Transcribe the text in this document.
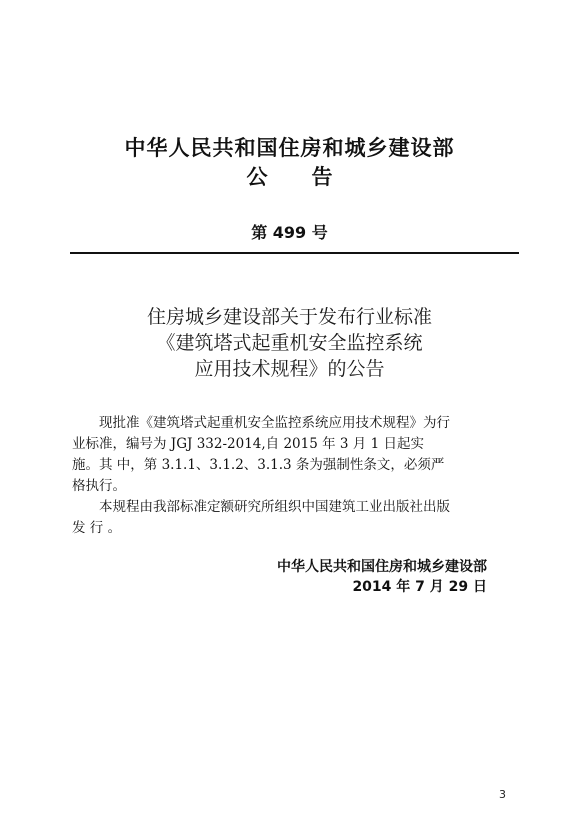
中华人民共和国住房和城乡建设部
公 告
第 499 号
住房城乡建设部关于发布行业标准
《建筑塔式起重机安全监控系统
应用技术规程》的公告
现批准《建筑塔式起重机安全监控系统应用技术规程》为行
业标准，编号为 JGJ 332-2014,自 2015 年 3 月 1 日起实
施。其 中，第 3.1.1、3.1.2、3.1.3 条为强制性条文，必须严
格执行。
本规程由我部标准定额研究所组织中国建筑工业出版社出版
发 行 。
中华人民共和国住房和城乡建设部
2014 年 7 月 29 日
3
